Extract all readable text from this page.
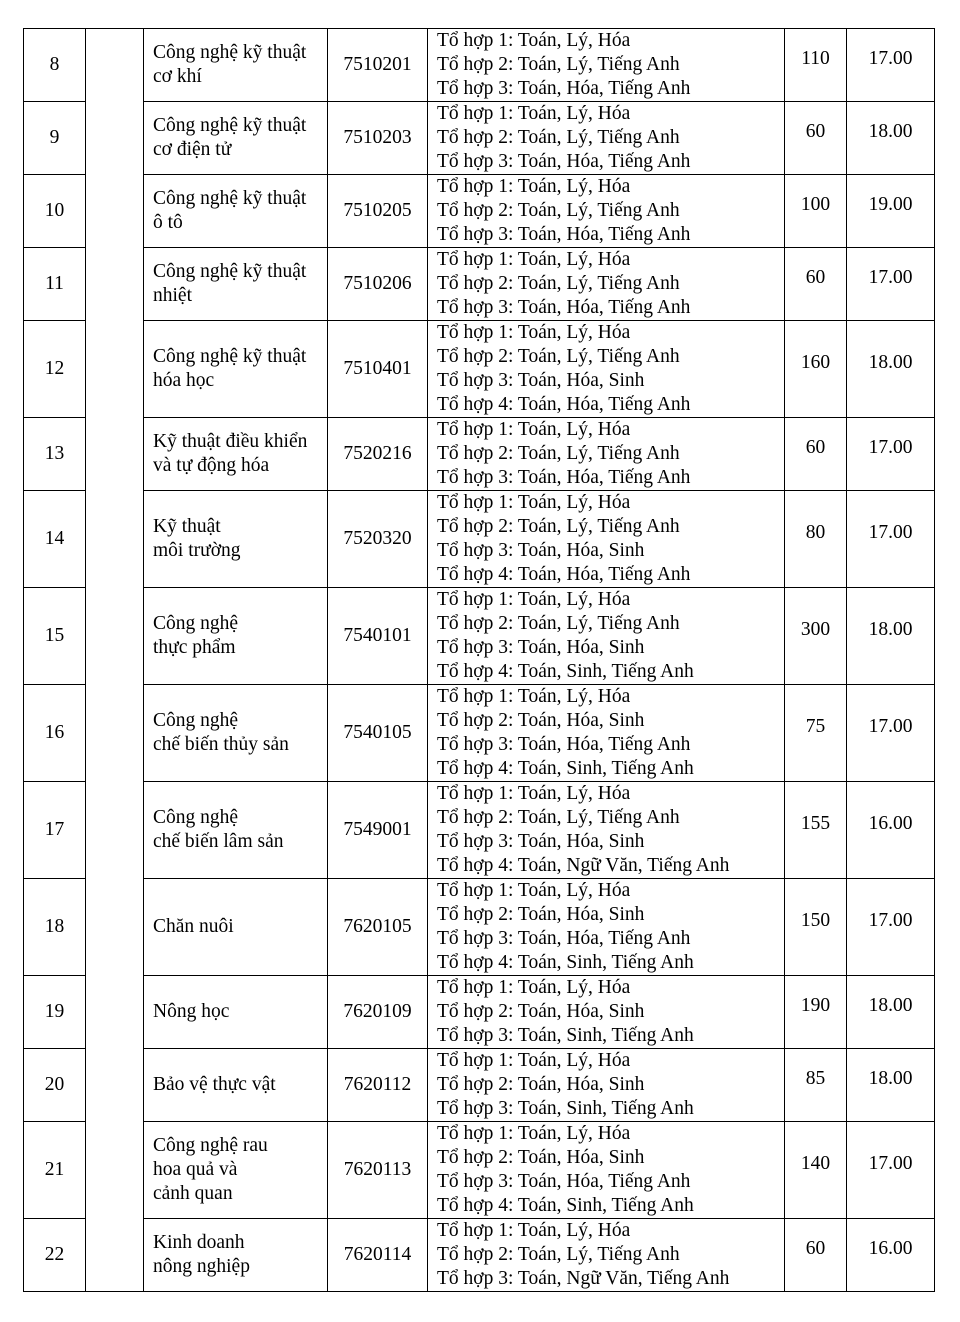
8		Công nghệ kỹ thuật
cơ khí	7510201	Tổ hợp 1: Toán, Lý, Hóa
Tổ hợp 2: Toán, Lý, Tiếng Anh
Tổ hợp 3: Toán, Hóa, Tiếng Anh	110	17.00
9		Công nghệ kỹ thuật
cơ điện tử	7510203	Tổ hợp 1: Toán, Lý, Hóa
Tổ hợp 2: Toán, Lý, Tiếng Anh
Tổ hợp 3: Toán, Hóa, Tiếng Anh	60	18.00
10		Công nghệ kỹ thuật
ô tô	7510205	Tổ hợp 1: Toán, Lý, Hóa
Tổ hợp 2: Toán, Lý, Tiếng Anh
Tổ hợp 3: Toán, Hóa, Tiếng Anh	100	19.00
11		Công nghệ kỹ thuật
nhiệt	7510206	Tổ hợp 1: Toán, Lý, Hóa
Tổ hợp 2: Toán, Lý, Tiếng Anh
Tổ hợp 3: Toán, Hóa, Tiếng Anh	60	17.00
12		Công nghệ kỹ thuật
hóa học	7510401	Tổ hợp 1: Toán, Lý, Hóa
Tổ hợp 2: Toán, Lý, Tiếng Anh
Tổ hợp 3: Toán, Hóa, Sinh
Tổ hợp 4: Toán, Hóa, Tiếng Anh	160	18.00
13		Kỹ thuật điều khiển
và tự động hóa	7520216	Tổ hợp 1: Toán, Lý, Hóa
Tổ hợp 2: Toán, Lý, Tiếng Anh
Tổ hợp 3: Toán, Hóa, Tiếng Anh	60	17.00
14		Kỹ thuật
môi trường	7520320	Tổ hợp 1: Toán, Lý, Hóa
Tổ hợp 2: Toán, Lý, Tiếng Anh
Tổ hợp 3: Toán, Hóa, Sinh
Tổ hợp 4: Toán, Hóa, Tiếng Anh	80	17.00
15		Công nghệ
thực phẩm	7540101	Tổ hợp 1: Toán, Lý, Hóa
Tổ hợp 2: Toán, Lý, Tiếng Anh
Tổ hợp 3: Toán, Hóa, Sinh
Tổ hợp 4: Toán, Sinh, Tiếng Anh	300	18.00
16		Công nghệ
chế biến thủy sản	7540105	Tổ hợp 1: Toán, Lý, Hóa
Tổ hợp 2: Toán, Hóa, Sinh
Tổ hợp 3: Toán, Hóa, Tiếng Anh
Tổ hợp 4: Toán, Sinh, Tiếng Anh	75	17.00
17		Công nghệ
chế biến lâm sản	7549001	Tổ hợp 1: Toán, Lý, Hóa
Tổ hợp 2: Toán, Lý, Tiếng Anh
Tổ hợp 3: Toán, Hóa, Sinh
Tổ hợp 4: Toán, Ngữ Văn, Tiếng Anh	155	16.00
18		Chăn nuôi	7620105	Tổ hợp 1: Toán, Lý, Hóa
Tổ hợp 2: Toán, Hóa, Sinh
Tổ hợp 3: Toán, Hóa, Tiếng Anh
Tổ hợp 4: Toán, Sinh, Tiếng Anh	150	17.00
19		Nông học	7620109	Tổ hợp 1: Toán, Lý, Hóa
Tổ hợp 2: Toán, Hóa, Sinh
Tổ hợp 3: Toán, Sinh, Tiếng Anh	190	18.00
20		Bảo vệ thực vật	7620112	Tổ hợp 1: Toán, Lý, Hóa
Tổ hợp 2: Toán, Hóa, Sinh
Tổ hợp 3: Toán, Sinh, Tiếng Anh	85	18.00
21		Công nghệ rau
hoa quả và
cảnh quan	7620113	Tổ hợp 1: Toán, Lý, Hóa
Tổ hợp 2: Toán, Hóa, Sinh
Tổ hợp 3: Toán, Hóa, Tiếng Anh
Tổ hợp 4: Toán, Sinh, Tiếng Anh	140	17.00
22		Kinh doanh
nông nghiệp	7620114	Tổ hợp 1: Toán, Lý, Hóa
Tổ hợp 2: Toán, Lý, Tiếng Anh
Tổ hợp 3: Toán, Ngữ Văn, Tiếng Anh	60	16.00
